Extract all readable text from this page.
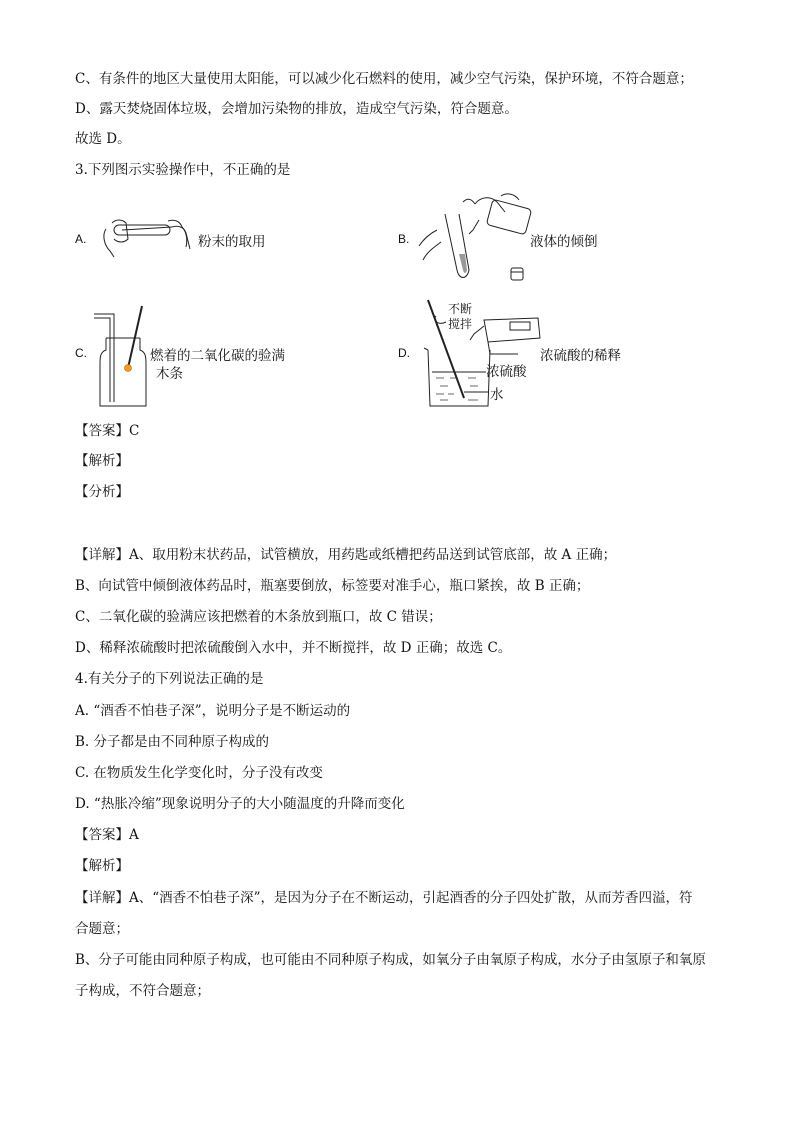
C、有条件的地区大量使用太阳能，可以减少化石燃料的使用，减少空气污染，保护环境，不符合题意；
D、露天焚烧固体垃圾，会增加污染物的排放，造成空气污染，符合题意。
故选 D。
3.下列图示实验操作中，不正确的是
A.	粉末的取用	B.	液体的倾倒
C.	燃着的二氧化碳的验满
木条
D.
不断
搅拌
浓硫酸的稀释
浓硫酸
水
【答案】C
【解析】
【分析】
【详解】A、取用粉末状药品，试管横放，用药匙或纸槽把药品送到试管底部，故 A 正确；
B、向试管中倾倒液体药品时，瓶塞要倒放，标签要对准手心，瓶口紧挨，故 B 正确；
C、二氧化碳的验满应该把燃着的木条放到瓶口，故 C 错误；
D、稀释浓硫酸时把浓硫酸倒入水中，并不断搅拌，故 D 正确；故选 C。
4.有关分子的下列说法正确的是
A. “酒香不怕巷子深”，说明分子是不断运动的
B. 分子都是由不同种原子构成的
C. 在物质发生化学变化时，分子没有改变
D. “热胀冷缩”现象说明分子的大小随温度的升降而变化
【答案】A
【解析】
【详解】A、“酒香不怕巷子深”，是因为分子在不断运动，引起酒香的分子四处扩散，从而芳香四溢，符
合题意；
B、分子可能由同种原子构成，也可能由不同种原子构成，如氧分子由氧原子构成，水分子由氢原子和氧原
子构成，不符合题意；
